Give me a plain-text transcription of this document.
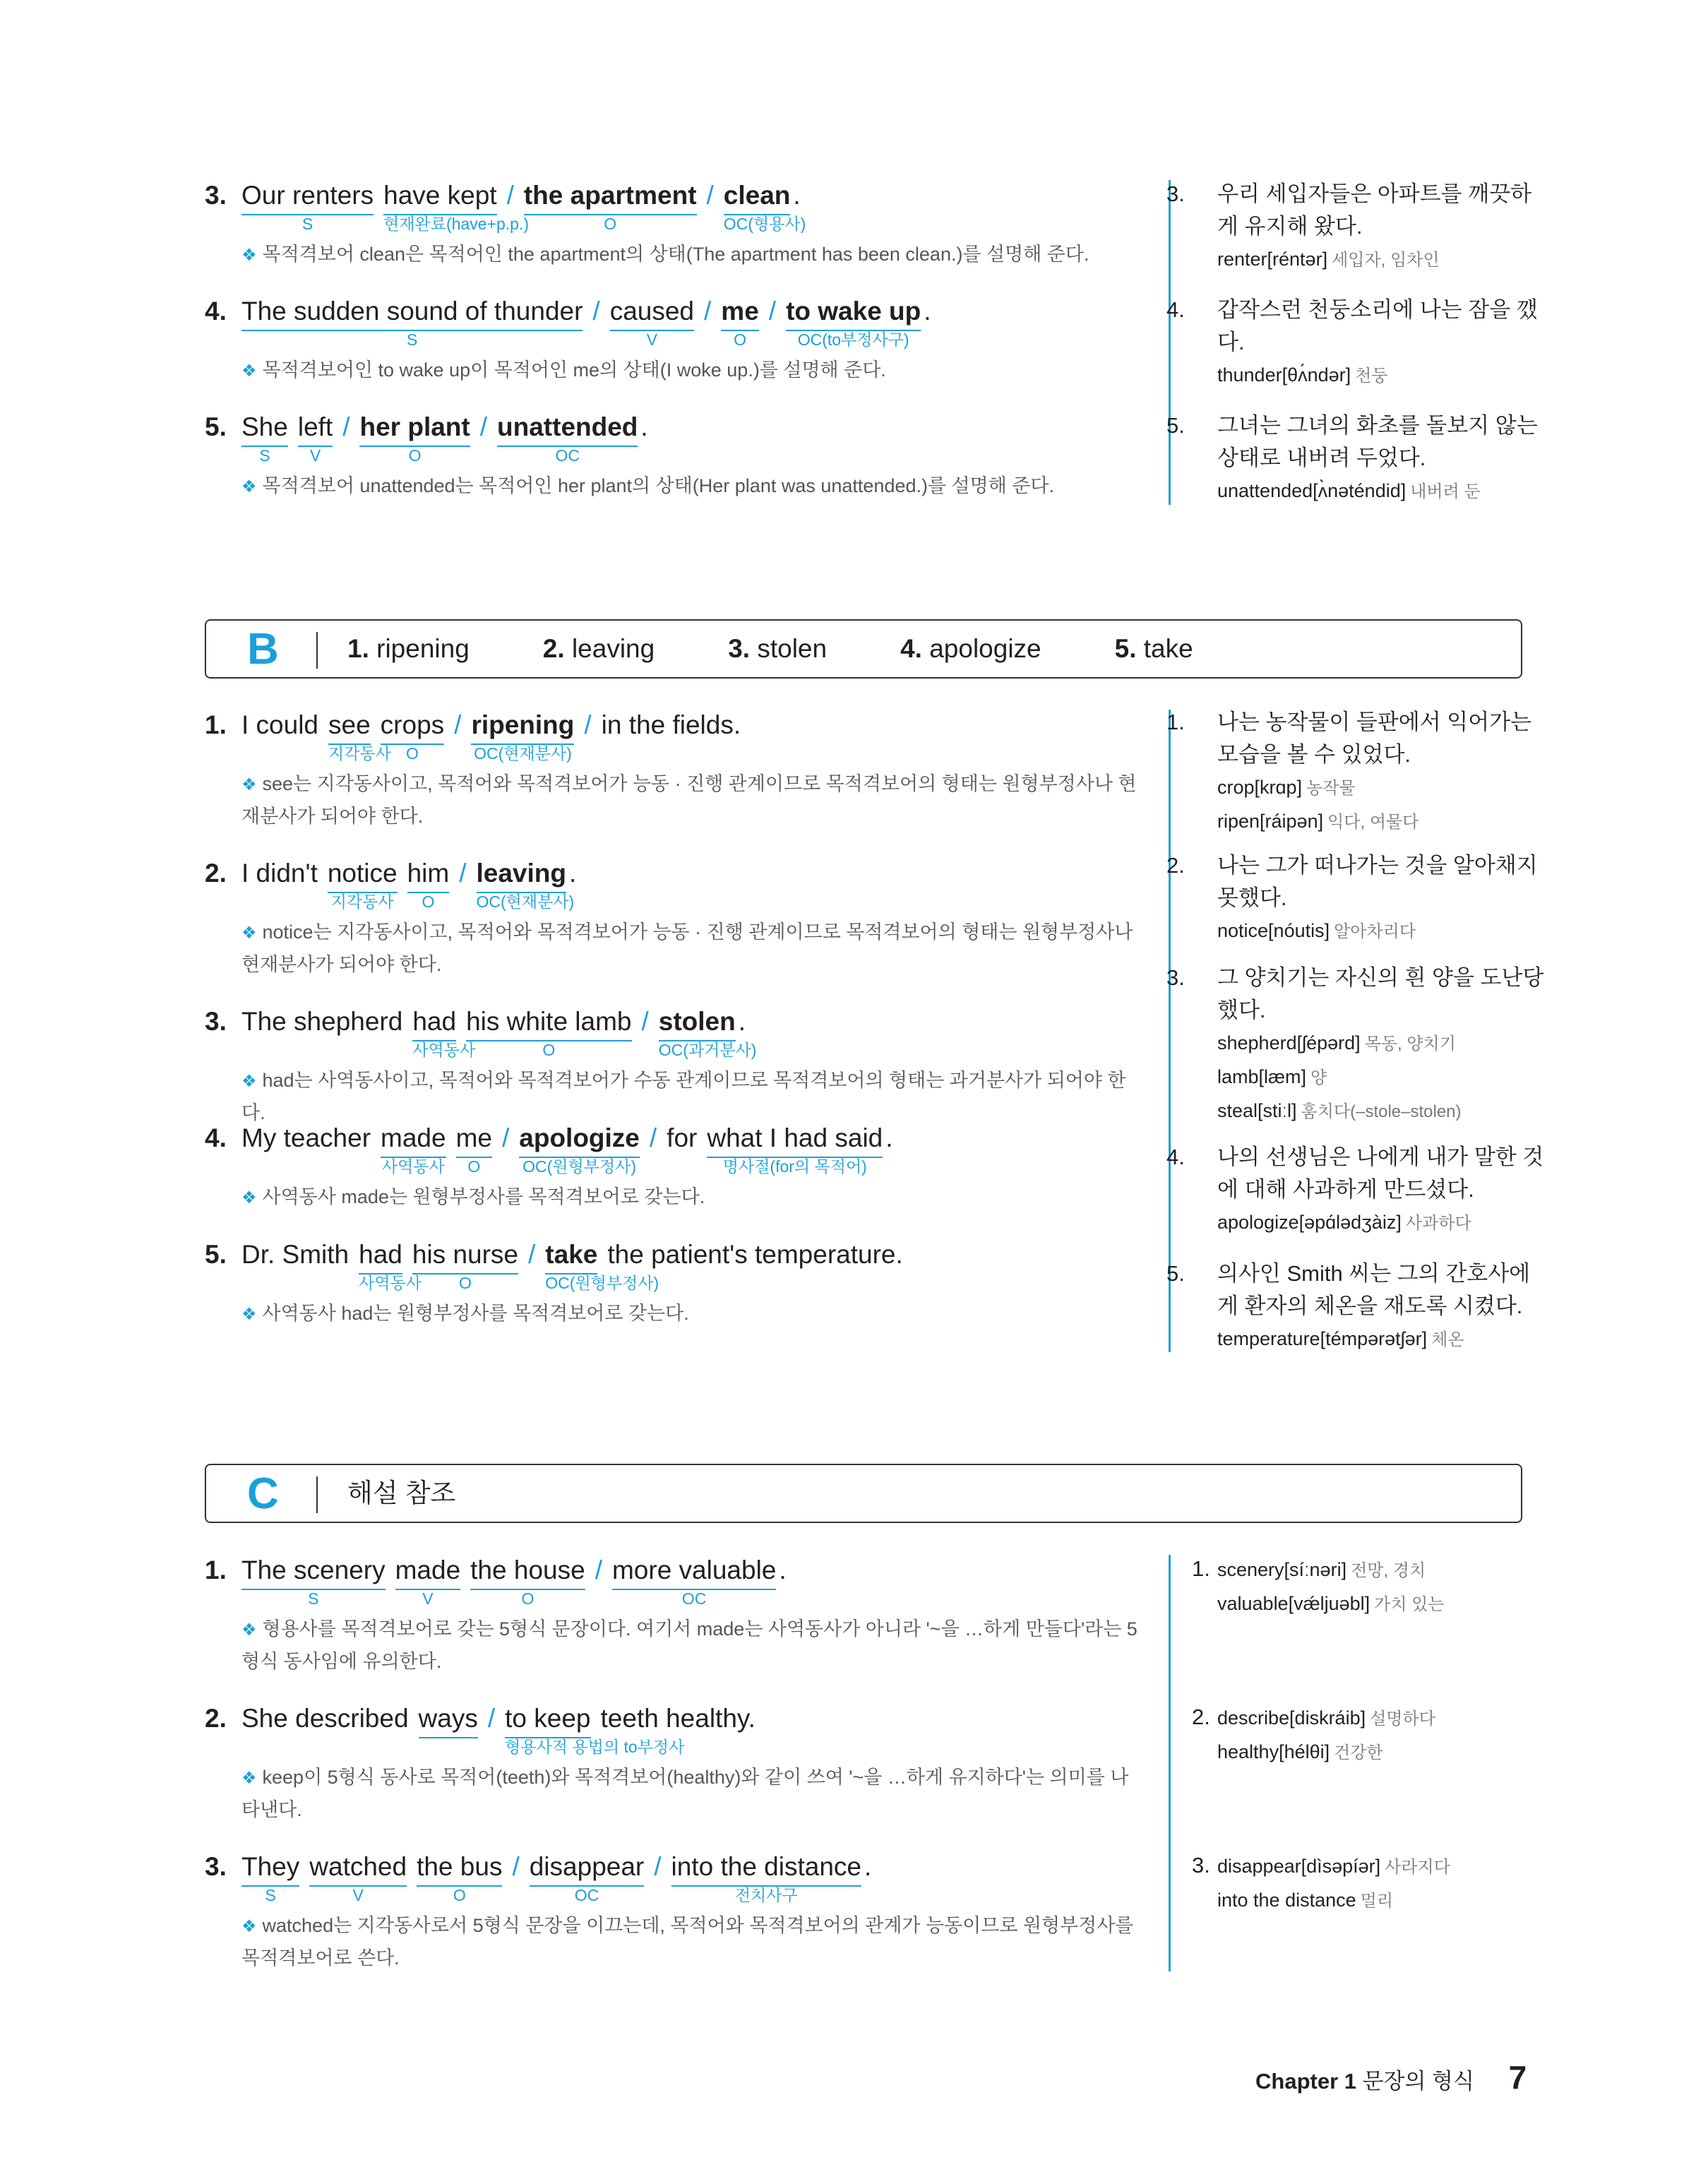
3. Our renters
S
have kept
현재완료(have+p.p.)
/ the apartment
O
/ clean
OC(형용사)
.
❖ 목적격보어 clean은 목적어인 the apartment의 상태(The apartment has been clean.)를 설명해 준다.
4. The sudden sound of thunder
S
/ caused
V
/ me
O
/ to wake up
OC(to부정사구)
.
❖ 목적격보어인 to wake up이 목적어인 me의 상태(I woke up.)를 설명해 준다.
5. She
S
left
V
/ her plant
O
/ unattended
OC
.
❖ 목적격보어 unattended는 목적어인 her plant의 상태(Her plant was unattended.)를 설명해 준다.
3. 우리 세입자들은 아파트를 깨끗하게 유지해 왔다.
renter[réntər] 세입자, 임차인
4. 갑작스런 천둥소리에 나는 잠을 깼다.
thunder[θʌ́ndər] 천둥
5. 그녀는 그녀의 화초를 돌보지 않는 상태로 내버려 두었다.
unattended[ʌ̀nəténdid] 내버려 둔
B	1. ripening	2. leaving	3. stolen	4. apologize	5. take
1. I could see
지각동사
crops
O
/ ripening
OC(현재분사)
/ in the fields.
❖ see는 지각동사이고, 목적어와 목적격보어가 능동 · 진행 관계이므로 목적격보어의 형태는 원형부정사나 현재분사가 되어야 한다.
2. I didn't notice
지각동사
him
O
/ leaving
OC(현재분사)
.
❖ notice는 지각동사이고, 목적어와 목적격보어가 능동 · 진행 관계이므로 목적격보어의 형태는 원형부정사나 현재분사가 되어야 한다.
3. The shepherd had
사역동사
his white lamb
O
/ stolen
OC(과거분사)
.
❖ had는 사역동사이고, 목적어와 목적격보어가 수동 관계이므로 목적격보어의 형태는 과거분사가 되어야 한다.
4. My teacher made
사역동사
me
O
/ apologize
OC(원형부정사)
/ for what I had said
명사절(for의 목적어)
.
❖ 사역동사 made는 원형부정사를 목적격보어로 갖는다.
5. Dr. Smith had
사역동사
his nurse
O
/ take
OC(원형부정사)
the patient's temperature.
❖ 사역동사 had는 원형부정사를 목적격보어로 갖는다.
1. 나는 농작물이 들판에서 익어가는 모습을 볼 수 있었다.
crop[krɑp] 농작물
ripen[ráipən] 익다, 여물다
2. 나는 그가 떠나가는 것을 알아채지 못했다.
notice[nóutis] 알아차리다
3. 그 양치기는 자신의 흰 양을 도난당했다.
shepherd[ʃépərd] 목동, 양치기
lamb[læm] 양
steal[stiːl] 훔치다(–stole–stolen)
4. 나의 선생님은 나에게 내가 말한 것에 대해 사과하게 만드셨다.
apologize[əpɑ́lədʒàiz] 사과하다
5. 의사인 Smith 씨는 그의 간호사에게 환자의 체온을 재도록 시켰다.
temperature[témpərətʃər] 체온
C	해설 참조
1. The scenery
S
made
V
the house
O
/ more valuable
OC
.
❖ 형용사를 목적격보어로 갖는 5형식 문장이다. 여기서 made는 사역동사가 아니라 '~을 …하게 만들다'라는 5형식 동사임에 유의한다.
2. She described ways / to keep
형용사적 용법의 to부정사
teeth healthy.
❖ keep이 5형식 동사로 목적어(teeth)와 목적격보어(healthy)와 같이 쓰여 '~을 …하게 유지하다'는 의미를 나타낸다.
3. They
S
watched
V
the bus
O
/ disappear
OC
/ into the distance
전치사구
.
❖ watched는 지각동사로서 5형식 문장을 이끄는데, 목적어와 목적격보어의 관계가 능동이므로 원형부정사를 목적격보어로 쓴다.
1. scenery[síːnəri] 전망, 경치
valuable[vǽljuəbl] 가치 있는
2. describe[diskráib] 설명하다
healthy[hélθi] 건강한
3. disappear[dìsəpíər] 사라지다
into the distance 멀리
Chapter 1 문장의 형식 7
